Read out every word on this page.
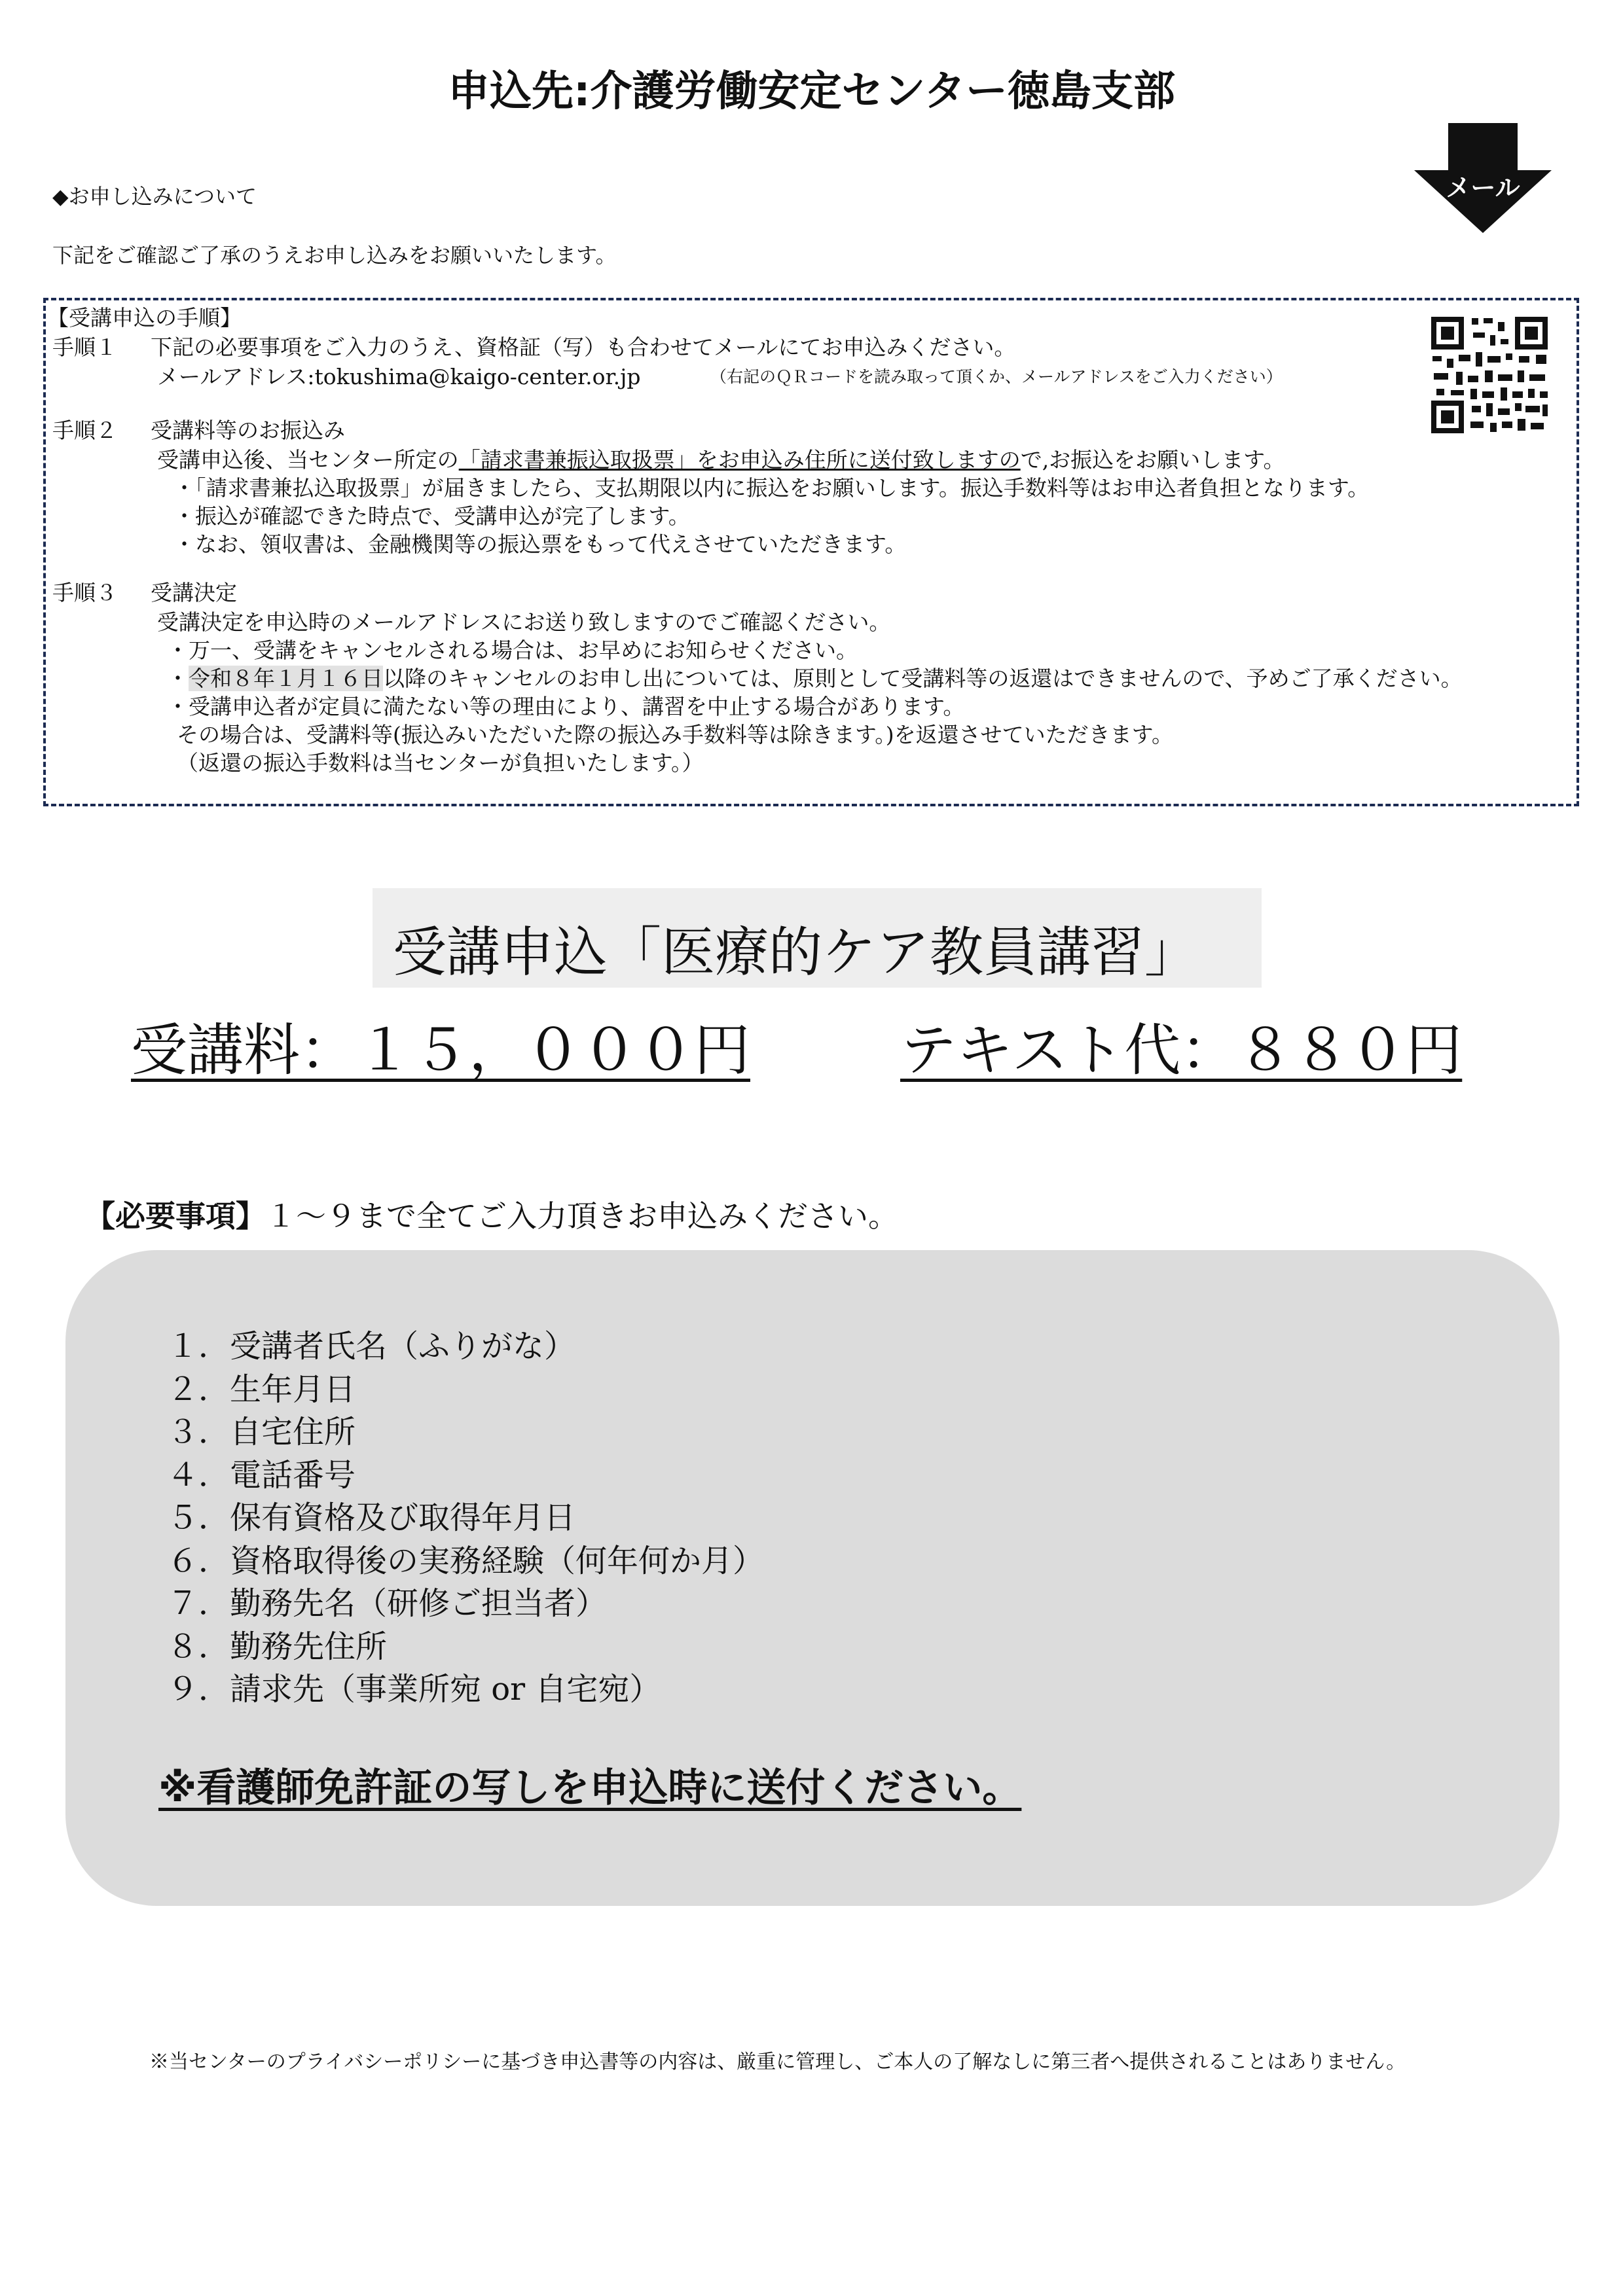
申込先:介護労働安定センター徳島支部
メール
◆お申し込みについて
下記をご確認ご了承のうえお申し込みをお願いいたします。
【受講申込の手順】
手順１ 下記の必要事項をご入力のうえ、資格証（写）も合わせてメールにてお申込みください。
メールアドレス:tokushima@kaigo-center.or.jp	（右記のＱＲコードを読み取って頂くか、メールアドレスをご入力ください）
手順２ 受講料等のお振込み
受講申込後、当センター所定の「請求書兼振込取扱票」をお申込み住所に送付致しますので,お振込をお願いします。
・「請求書兼払込取扱票」が届きましたら、支払期限以内に振込をお願いします。振込手数料等はお申込者負担となります。
・振込が確認できた時点で、受講申込が完了します。
・なお、領収書は、金融機関等の振込票をもって代えさせていただきます。
手順３ 受講決定
受講決定を申込時のメールアドレスにお送り致しますのでご確認ください。
・万一、受講をキャンセルされる場合は、お早めにお知らせください。
・令和８年１月１６日以降のキャンセルのお申し出については、原則として受講料等の返還はできませんので、予めご了承ください。
・受講申込者が定員に満たない等の理由により、講習を中止する場合があります。
その場合は、受講料等(振込みいただいた際の振込み手数料等は除きます。)を返還させていただきます。
（返還の振込手数料は当センターが負担いたします。）
受講申込「医療的ケア教員講習」
受講料：１５，０００円	テキスト代：８８０円
【必要事項】１～９まで全てご入力頂きお申込みください。
１．受講者氏名（ふりがな）
２．生年月日
３．自宅住所
４．電話番号
５．保有資格及び取得年月日
６．資格取得後の実務経験（何年何か月）
７．勤務先名（研修ご担当者）
８．勤務先住所
９．請求先（事業所宛 or 自宅宛）
※看護師免許証の写しを申込時に送付ください。
※当センターのプライバシーポリシーに基づき申込書等の内容は、厳重に管理し、ご本人の了解なしに第三者へ提供されることはありません。
